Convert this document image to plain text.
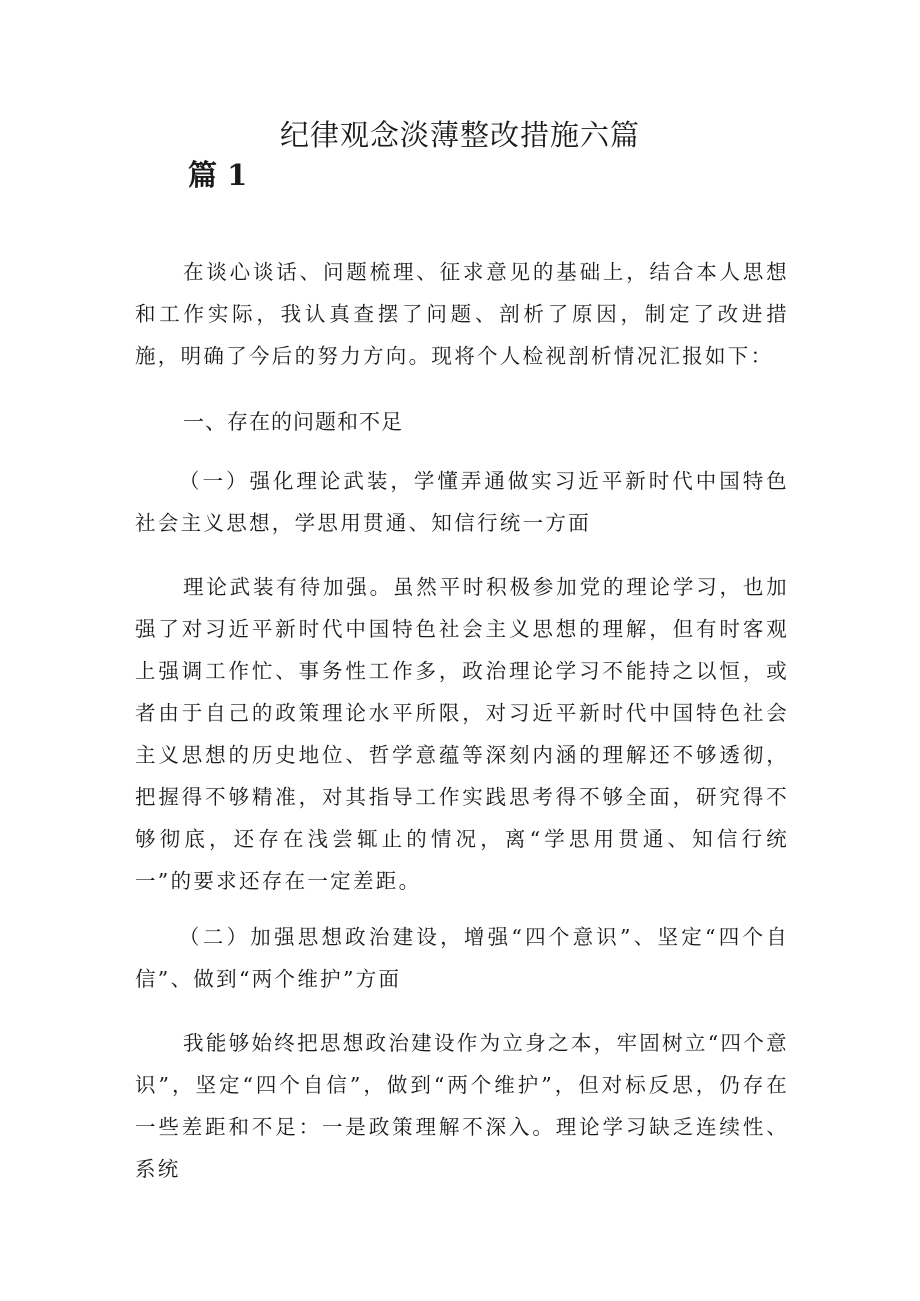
纪律观念淡薄整改措施六篇
篇 1

在谈心谈话、问题梳理、征求意见的基础上，结合本人思想和工作实际，我认真查摆了问题、剖析了原因，制定了改进措施，明确了今后的努力方向。现将个人检视剖析情况汇报如下：

一、存在的问题和不足

（一）强化理论武装，学懂弄通做实习近平新时代中国特色社会主义思想，学思用贯通、知信行统一方面

理论武装有待加强。虽然平时积极参加党的理论学习，也加强了对习近平新时代中国特色社会主义思想的理解，但有时客观上强调工作忙、事务性工作多，政治理论学习不能持之以恒，或者由于自己的政策理论水平所限，对习近平新时代中国特色社会主义思想的历史地位、哲学意蕴等深刻内涵的理解还不够透彻，把握得不够精准，对其指导工作实践思考得不够全面，研究得不够彻底，还存在浅尝辄止的情况，离“学思用贯通、知信行统一”的要求还存在一定差距。

（二）加强思想政治建设，增强“四个意识”、坚定“四个自信”、做到“两个维护”方面

我能够始终把思想政治建设作为立身之本，牢固树立“四个意识”，坚定“四个自信”，做到“两个维护”，但对标反思，仍存在一些差距和不足：一是政策理解不深入。理论学习缺乏连续性、系统
